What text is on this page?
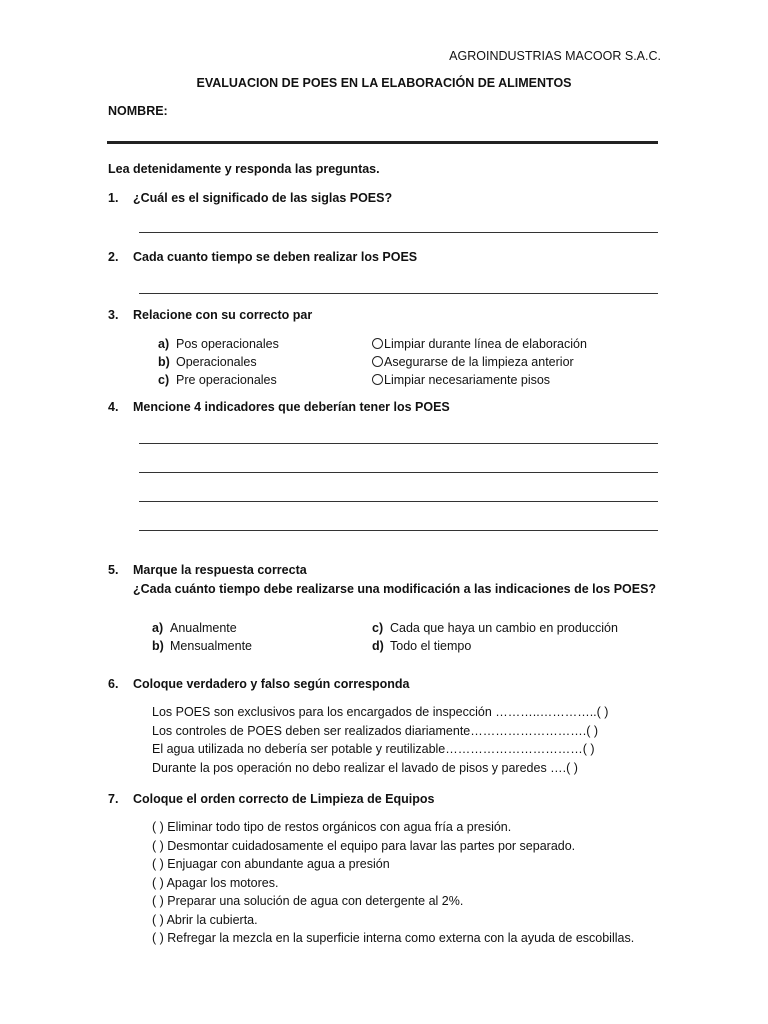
AGROINDUSTRIAS MACOOR S.A.C.
EVALUACION DE POES EN LA ELABORACIÓN DE ALIMENTOS
NOMBRE:
Lea detenidamente y responda las preguntas.
1. ¿Cuál es el significado de las siglas POES?
2. Cada cuanto tiempo se deben realizar los POES
3. Relacione con su correcto par
a) Pos operacionales
b) Operacionales
c) Pre operacionales
Limpiar durante línea de elaboración
Asegurarse de la limpieza anterior
Limpiar necesariamente pisos
4. Mencione 4 indicadores que deberían tener los POES
5. Marque la respuesta correcta
¿Cada cuánto tiempo debe realizarse una modificación a las indicaciones de los POES?
a) Anualmente
b) Mensualmente
c) Cada que haya un cambio en producción
d) Todo el tiempo
6. Coloque verdadero y falso según corresponda
Los POES son exclusivos para los encargados de inspección ………..…………..( )
Los controles de POES deben ser realizados diariamente……………………….( )
El agua utilizada no debería ser potable y reutilizable……………………………( )
Durante la pos operación no debo realizar el lavado de pisos y paredes ….( )
7. Coloque el orden correcto de Limpieza de Equipos
( ) Eliminar todo tipo de restos orgánicos con agua fría a presión.
( ) Desmontar cuidadosamente el equipo para lavar las partes por separado.
( ) Enjuagar con abundante agua a presión
( ) Apagar los motores.
( ) Preparar una solución de agua con detergente al 2%.
( ) Abrir la cubierta.
( ) Refregar la mezcla en la superficie interna como externa con la ayuda de escobillas.
